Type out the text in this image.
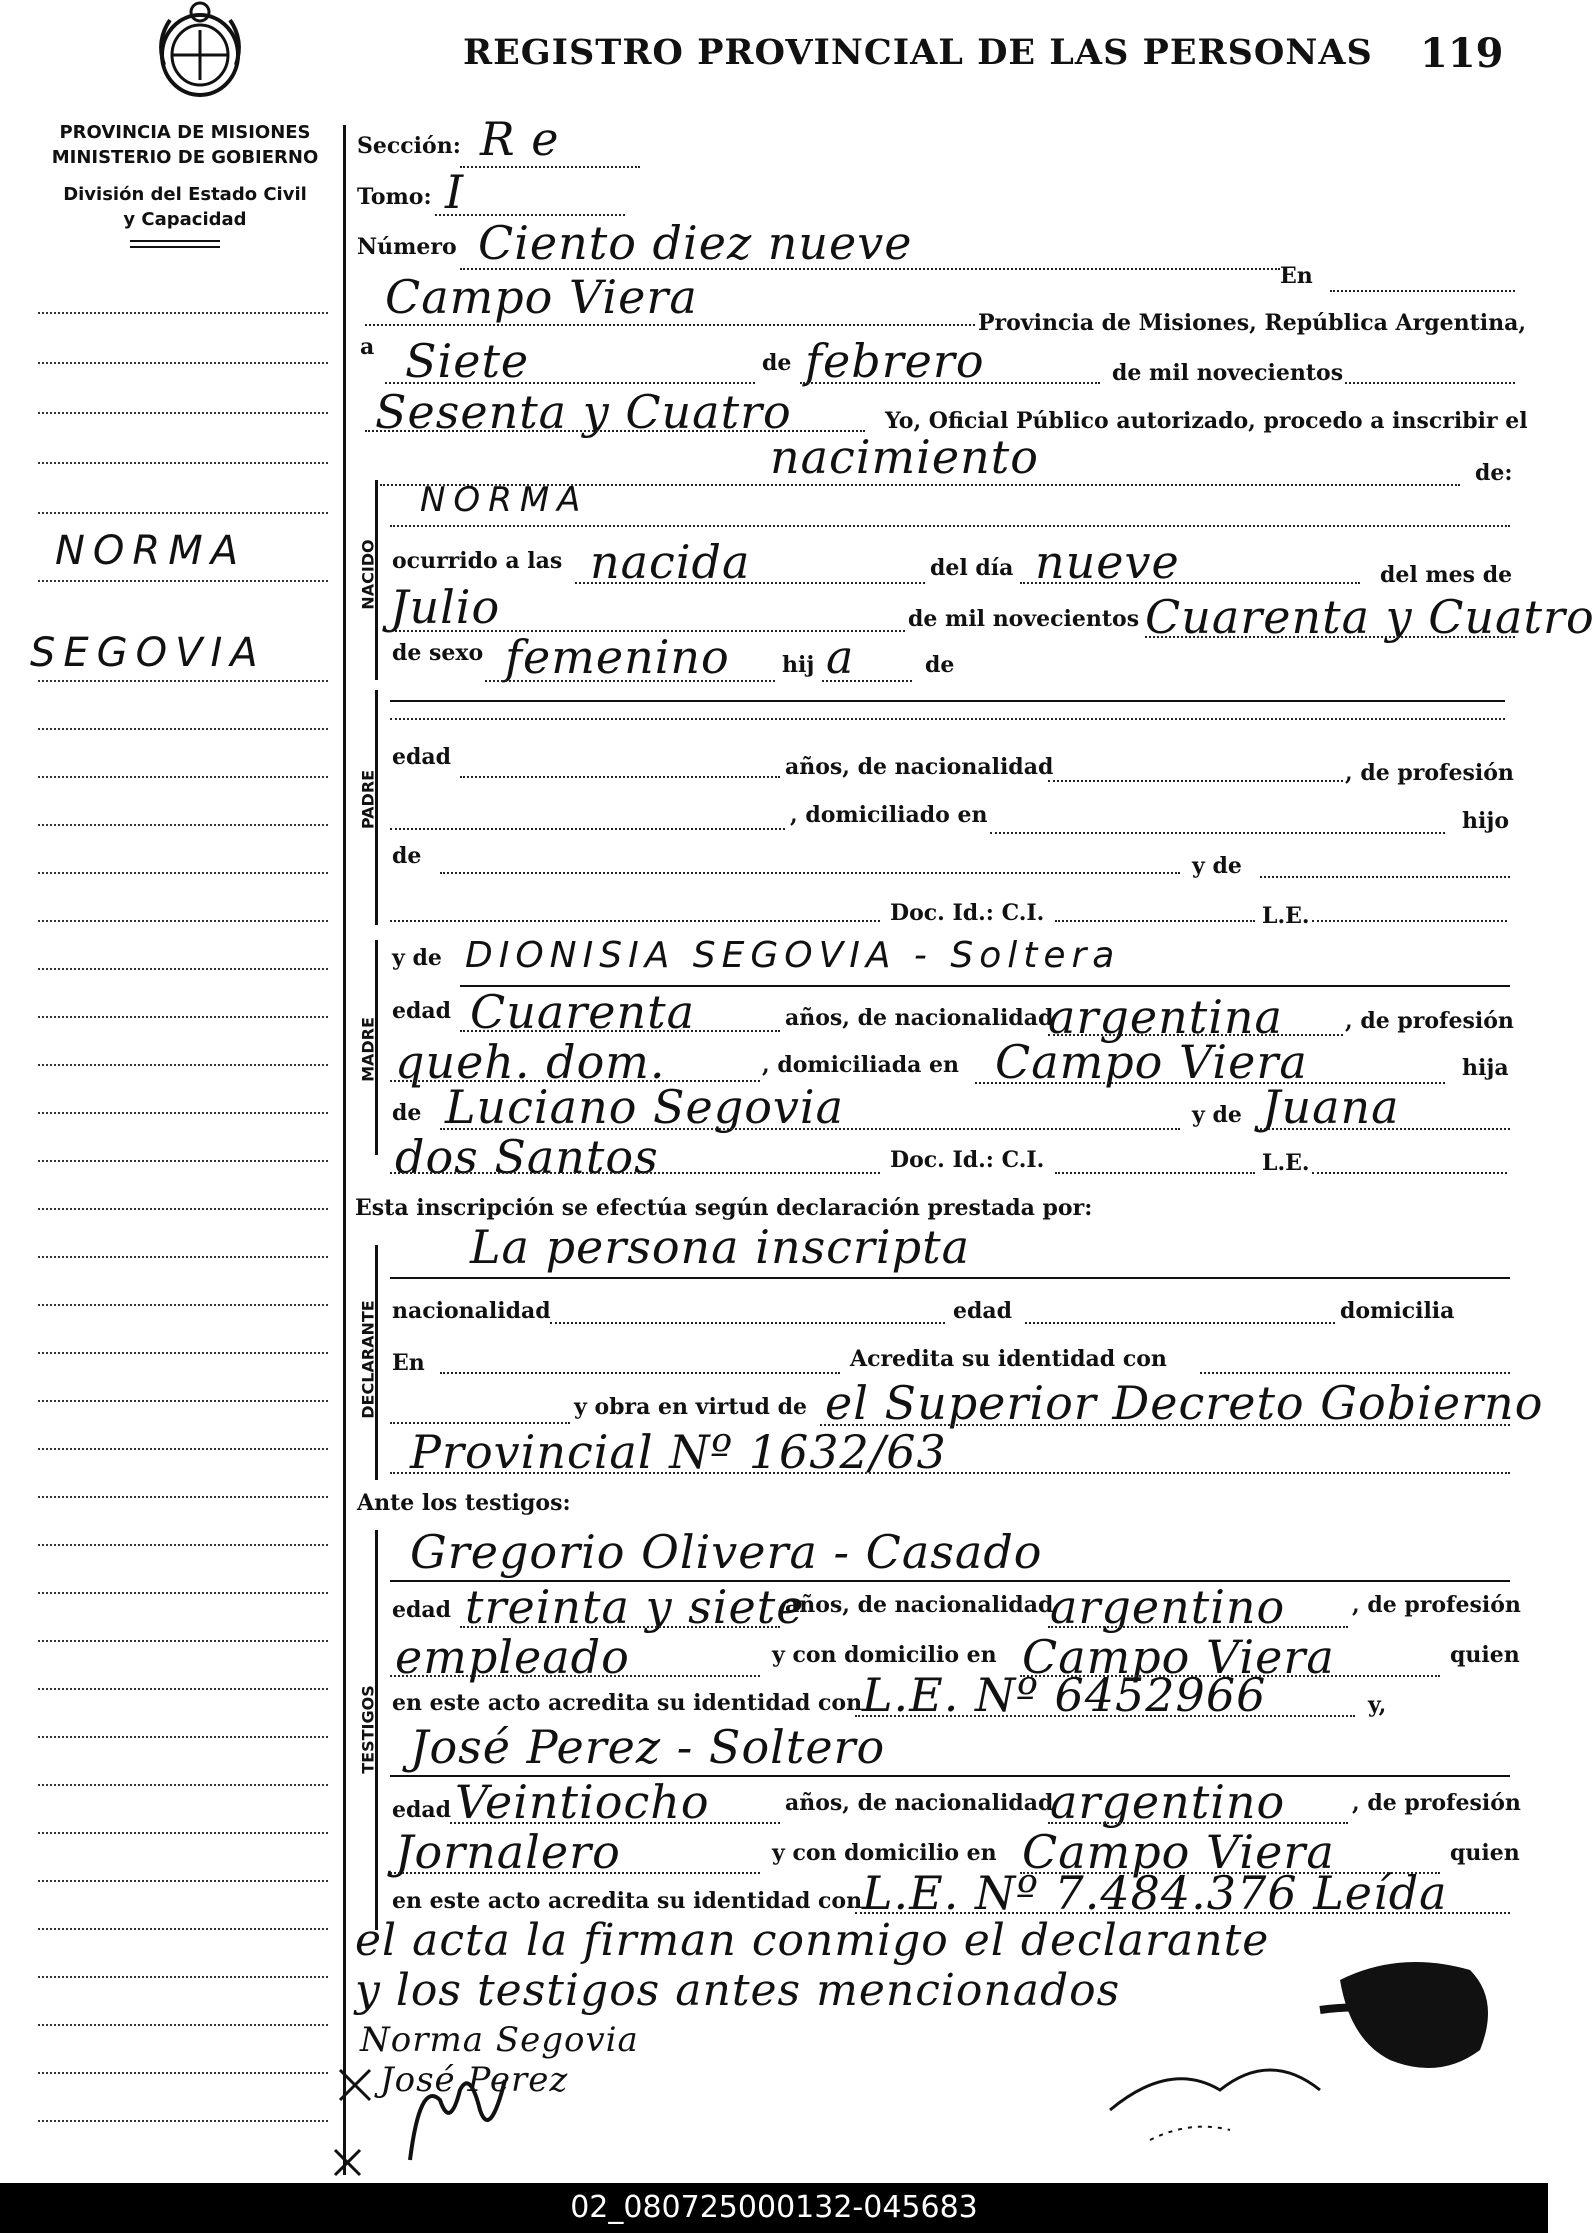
REGISTRO PROVINCIAL DE LAS PERSONAS 119
PROVINCIA DE MISIONES
MINISTERIO DE GOBIERNO
División del Estado Civil
y Capacidad
NORMA
SEGOVIA
NACIDO
PADRE
MADRE
DECLARANTE
TESTIGOS
Sección: R e
Tomo: I
Número Ciento diez nueve
En
Campo Viera	Provincia de Misiones, República Argentina,
a Siete	de febrero	de mil novecientos
Sesenta y Cuatro	Yo, Oficial Público autorizado, procedo a inscribir el
nacimiento	de:
NORMA
ocurrido a las nacida	del día nueve	del mes de
Julio	de mil novecientos Cuarenta y Cuatro
de sexo femenino hij a	de
edad	años, de nacionalidad	, de profesión
, domiciliado en	hijo
de	y de
Doc. Id.: C.I.	L.E.
y de DIONISIA SEGOVIA - Soltera
edad Cuarenta	años, de nacionalidad
argentina	, de profesión
queh. dom.	, domiciliada en Campo Viera	hija
de Luciano Segovia	y de Juana
dos Santos	Doc. Id.: C.I.	L.E.
Esta inscripción se efectúa según declaración prestada por:
La persona inscripta
nacionalidad	edad	domicilia
En	Acredita su identidad con
y obra en virtud de el Superior Decreto Gobierno
Provincial Nº 1632/63
Ante los testigos:
Gregorio Olivera - Casado
edad treinta y siete
años, de nacionalidad
argentino	, de profesión
empleado	y con domicilio en Campo Viera	quien
en este acto acredita su identidad con L.E. Nº 6452966	y,
José Perez - Soltero
edad Veintiocho	años, de nacionalidad
argentino	, de profesión
Jornalero	y con domicilio en Campo Viera	quien
en este acto acredita su identidad con L.E. Nº 7.484.376 Leída
el acta la firman conmigo el declarante
y los testigos antes mencionados
Norma Segovia
José Perez
02_080725000132-045683
